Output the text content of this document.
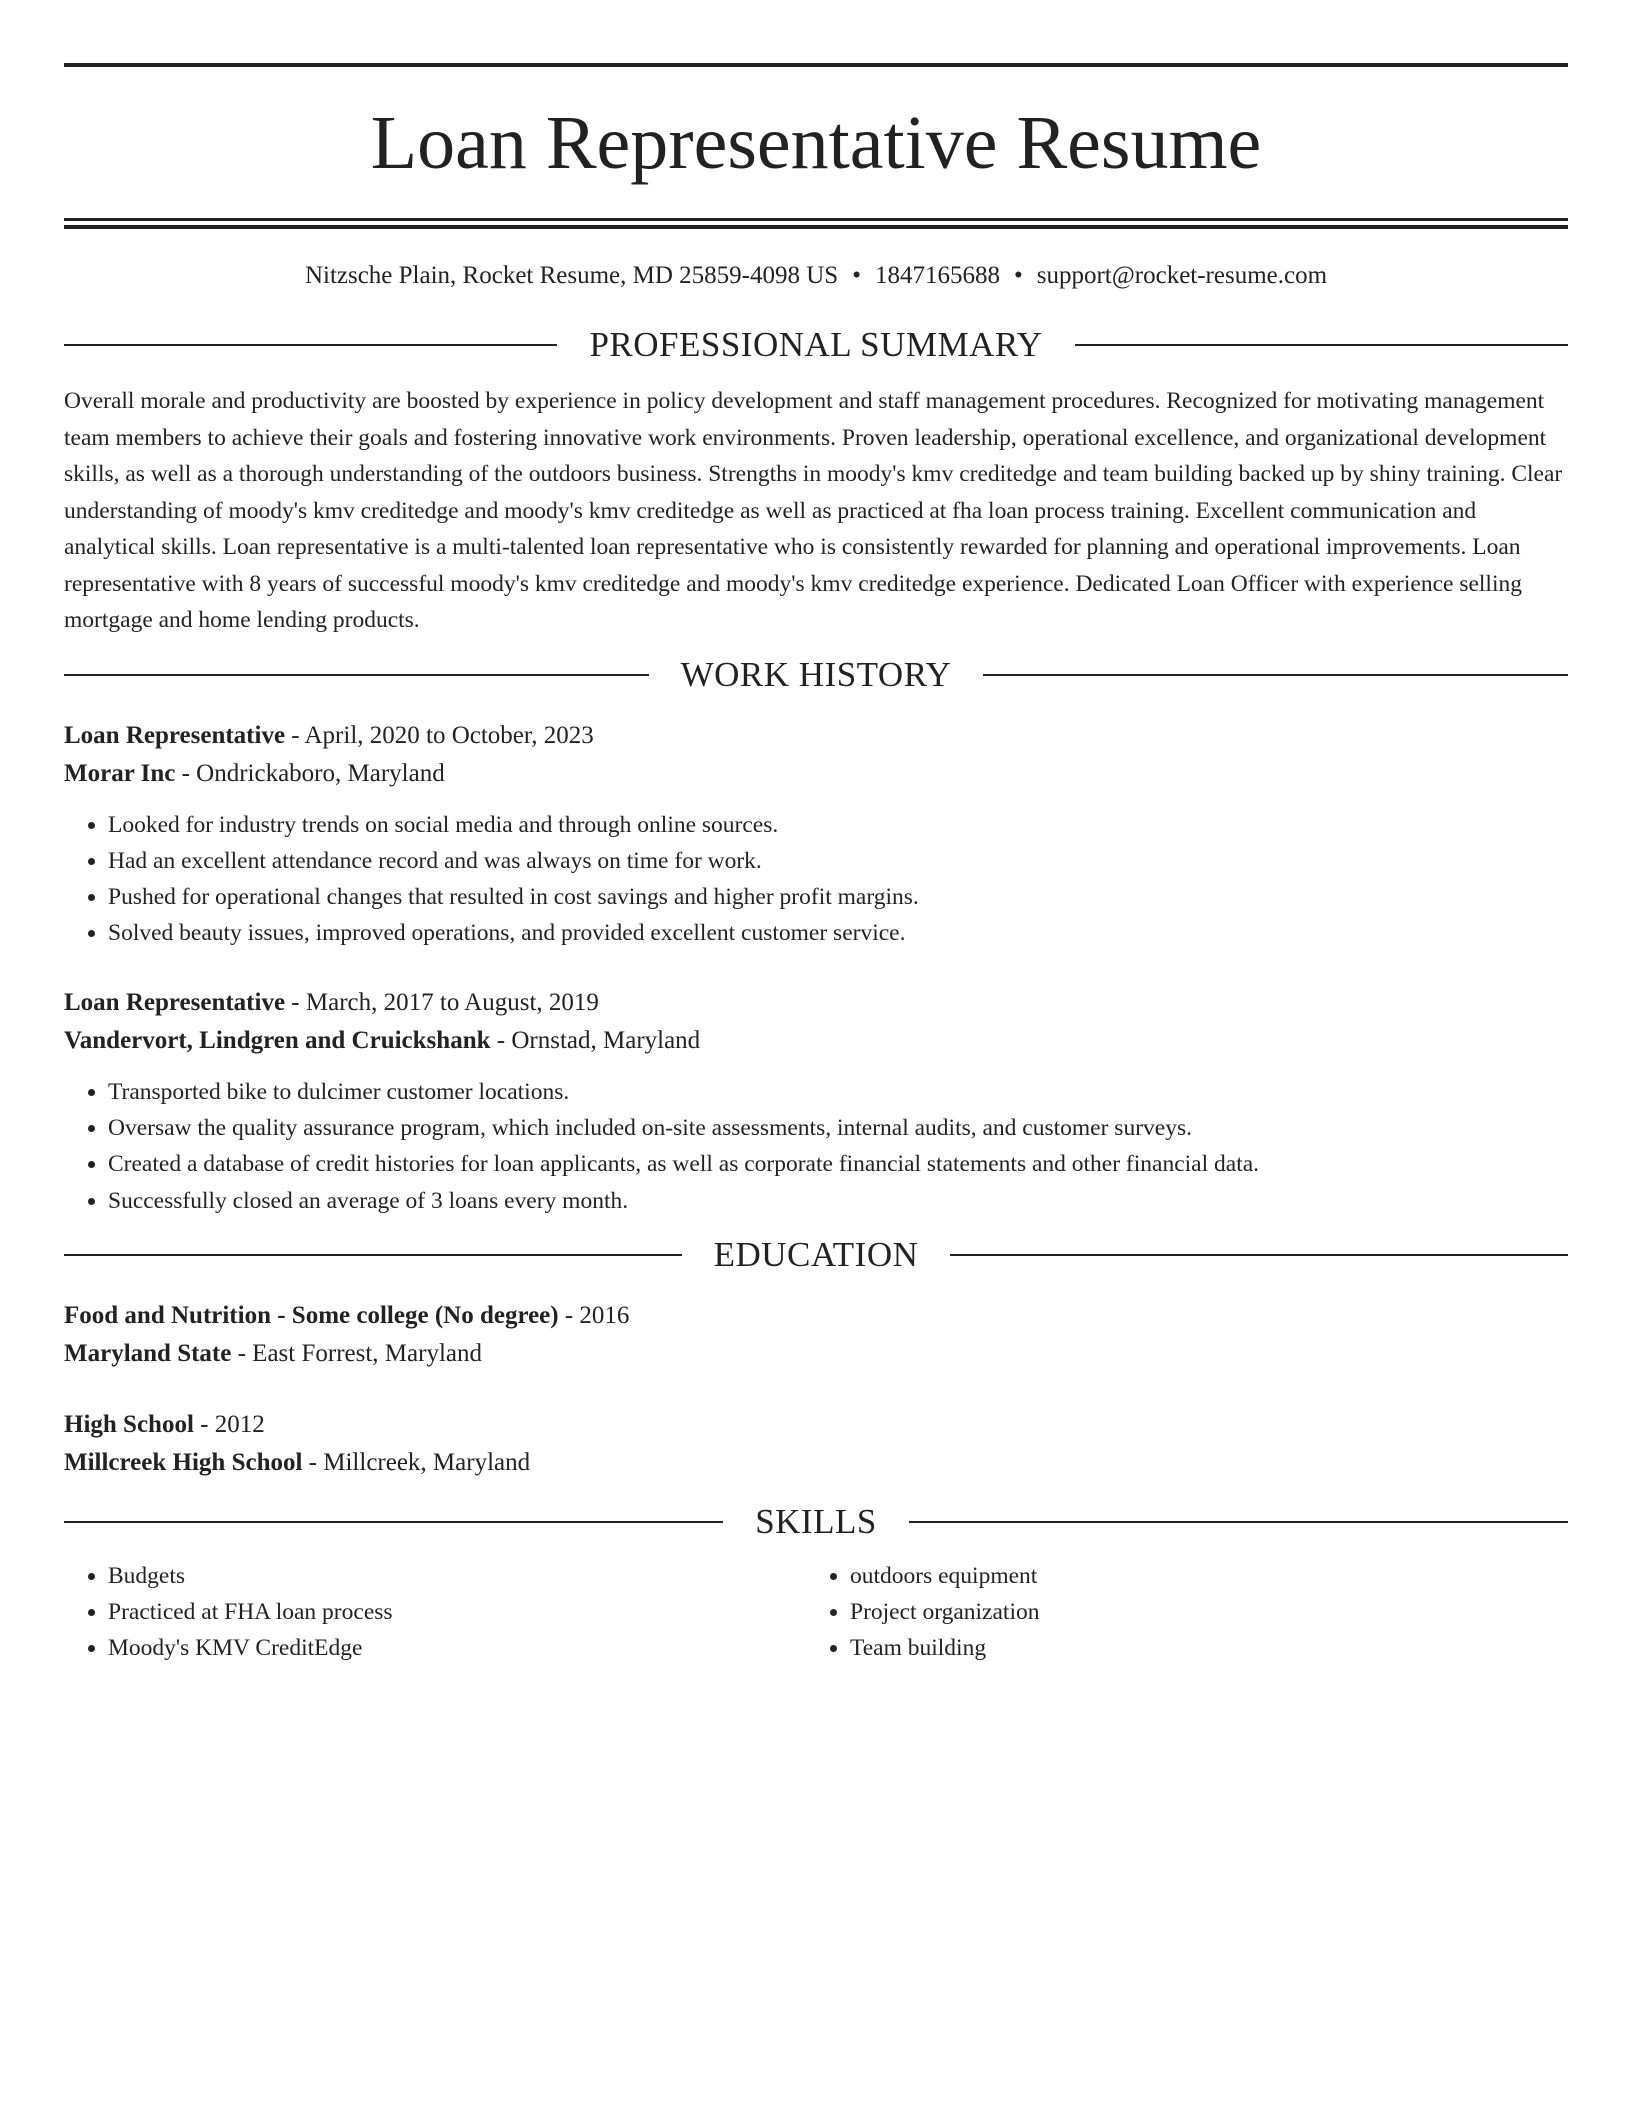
Loan Representative Resume
Nitzsche Plain, Rocket Resume, MD 25859-4098 US • 1847165688 • support@rocket-resume.com
PROFESSIONAL SUMMARY

Overall morale and productivity are boosted by experience in policy development and staff management procedures. Recognized for motivating management team members to achieve their goals and fostering innovative work environments. Proven leadership, operational excellence, and organizational development skills, as well as a thorough understanding of the outdoors business. Strengths in moody's kmv creditedge and team building backed up by shiny training. Clear understanding of moody's kmv creditedge and moody's kmv creditedge as well as practiced at fha loan process training. Excellent communication and analytical skills. Loan representative is a multi-talented loan representative who is consistently rewarded for planning and operational improvements. Loan representative with 8 years of successful moody's kmv creditedge and moody's kmv creditedge experience. Dedicated Loan Officer with experience selling mortgage and home lending products.

WORK HISTORY
Loan Representative - April, 2020 to October, 2023
Morar Inc - Ondrickaboro, Maryland
• Looked for industry trends on social media and through online sources.
• Had an excellent attendance record and was always on time for work.
• Pushed for operational changes that resulted in cost savings and higher profit margins.
• Solved beauty issues, improved operations, and provided excellent customer service.
Loan Representative - March, 2017 to August, 2019
Vandervort, Lindgren and Cruickshank - Ornstad, Maryland
• Transported bike to dulcimer customer locations.
• Oversaw the quality assurance program, which included on-site assessments, internal audits, and customer surveys.
• Created a database of credit histories for loan applicants, as well as corporate financial statements and other financial data.
• Successfully closed an average of 3 loans every month.
EDUCATION
Food and Nutrition - Some college (No degree) - 2016
Maryland State - East Forrest, Maryland
High School - 2012
Millcreek High School - Millcreek, Maryland
SKILLS
• Budgets
• Practiced at FHA loan process
• Moody's KMV CreditEdge
• outdoors equipment
• Project organization
• Team building
